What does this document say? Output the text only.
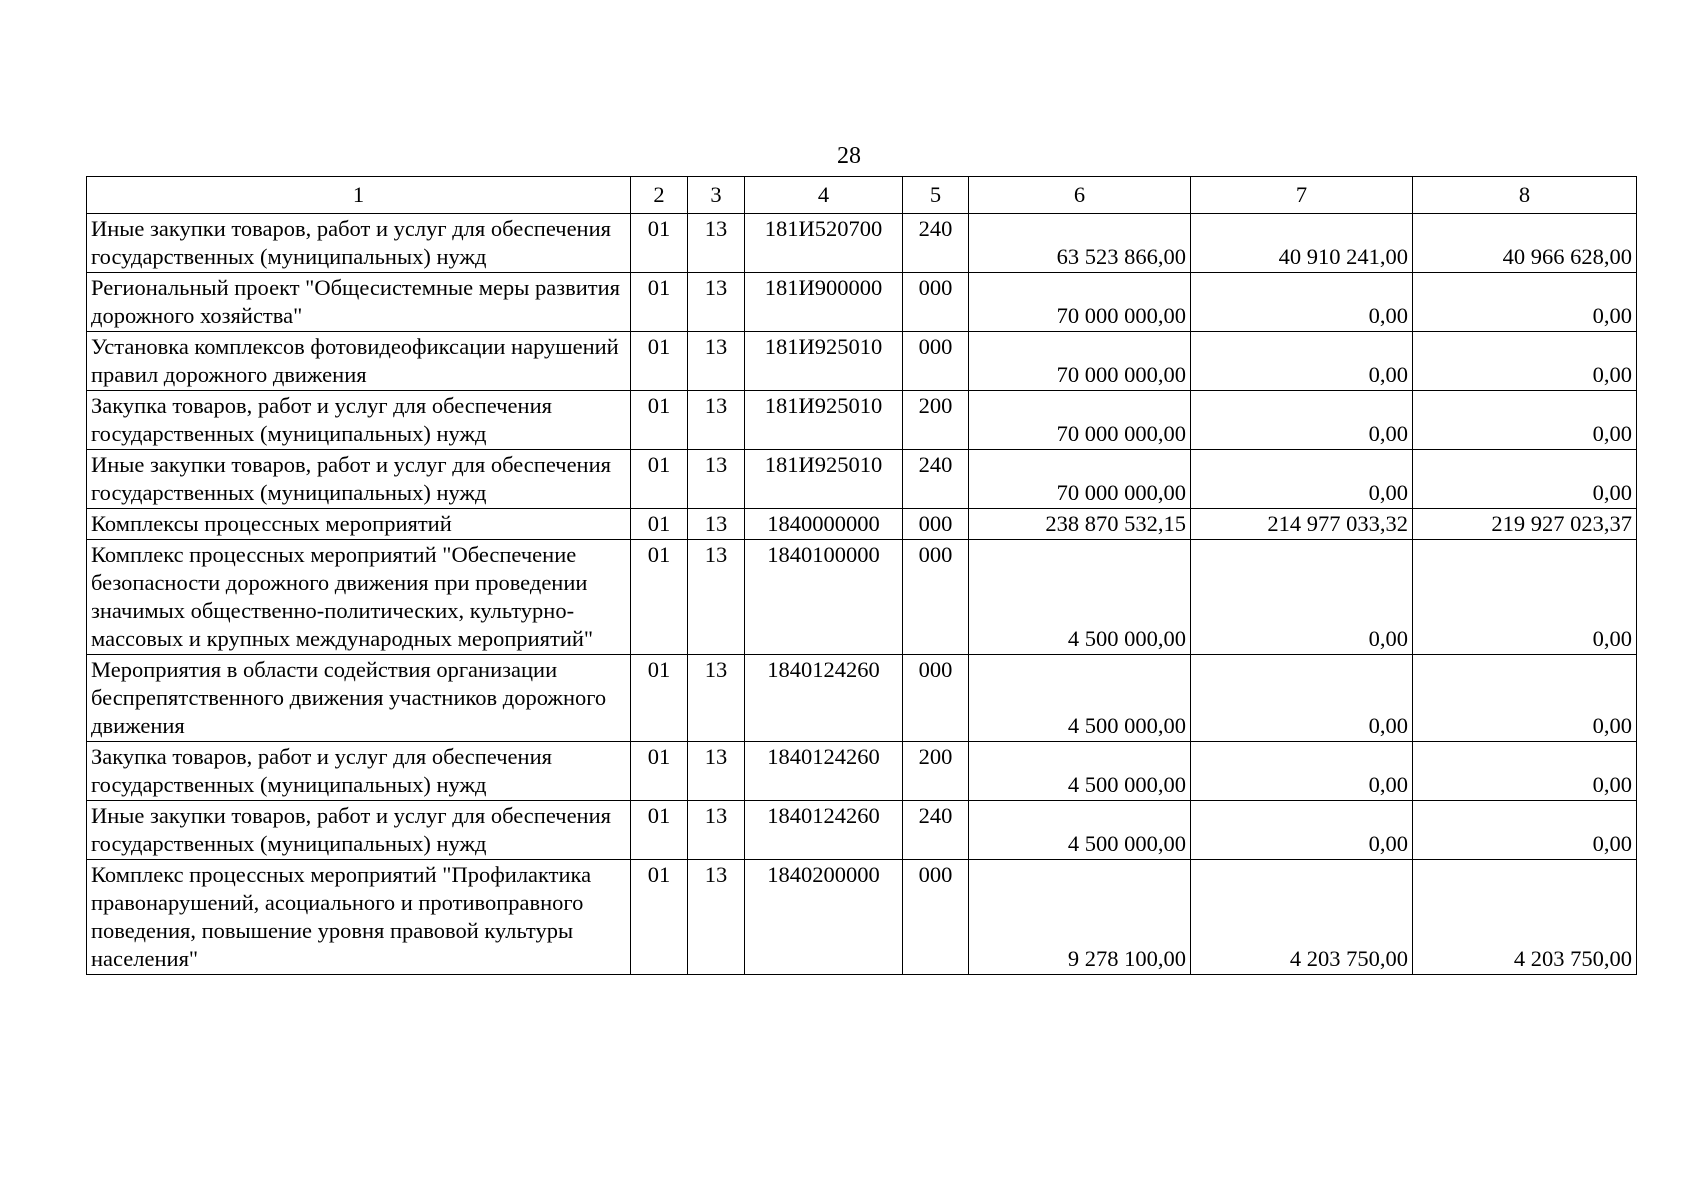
28
1	2	3	4	5	6	7	8
Иные закупки товаров, работ и услуг для обеспечения государственных (муниципальных) нужд	01	13	181И520700	240	63 523 866,00	40 910 241,00	40 966 628,00
Региональный проект "Общесистемные меры развития дорожного хозяйства"	01	13	181И900000	000	70 000 000,00	0,00	0,00
Установка комплексов фотовидеофиксации нарушений правил дорожного движения	01	13	181И925010	000	70 000 000,00	0,00	0,00
Закупка товаров, работ и услуг для обеспечения государственных (муниципальных) нужд	01	13	181И925010	200	70 000 000,00	0,00	0,00
Иные закупки товаров, работ и услуг для обеспечения государственных (муниципальных) нужд	01	13	181И925010	240	70 000 000,00	0,00	0,00
Комплексы процессных мероприятий	01	13	1840000000	000	238 870 532,15	214 977 033,32	219 927 023,37
Комплекс процессных мероприятий "Обеспечение безопасности дорожного движения при проведении значимых общественно-политических, культурно-массовых и крупных международных мероприятий"	01	13	1840100000	000	4 500 000,00	0,00	0,00
Мероприятия в области содействия организации беспрепятственного движения участников дорожного движения	01	13	1840124260	000	4 500 000,00	0,00	0,00
Закупка товаров, работ и услуг для обеспечения государственных (муниципальных) нужд	01	13	1840124260	200	4 500 000,00	0,00	0,00
Иные закупки товаров, работ и услуг для обеспечения государственных (муниципальных) нужд	01	13	1840124260	240	4 500 000,00	0,00	0,00
Комплекс процессных мероприятий "Профилактика правонарушений, асоциального и противоправного поведения, повышение уровня правовой культуры населения"	01	13	1840200000	000	9 278 100,00	4 203 750,00	4 203 750,00
